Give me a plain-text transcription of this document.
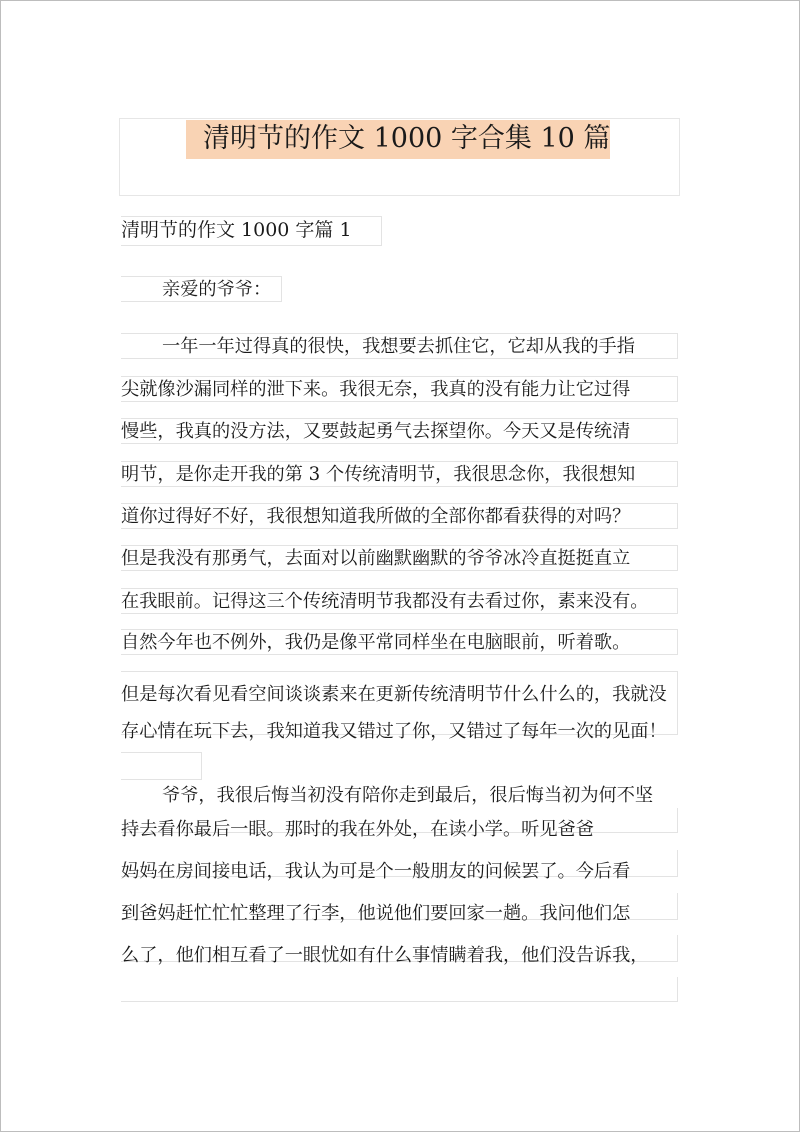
清明节的作文 1000 字合集 10 篇
清明节的作文 1000 字篇 1
亲爱的爷爷：
一年一年过得真的很快，我想要去抓住它，它却从我的手指
尖就像沙漏同样的泄下来。我很无奈，我真的没有能力让它过得
慢些，我真的没方法，又要鼓起勇气去探望你。今天又是传统清
明节，是你走开我的第 3 个传统清明节，我很思念你，我很想知
道你过得好不好，我很想知道我所做的全部你都看获得的对吗？
但是我没有那勇气，去面对以前幽默幽默的爷爷冰冷直挺挺直立
在我眼前。记得这三个传统清明节我都没有去看过你，素来没有。
自然今年也不例外，我仍是像平常同样坐在电脑眼前，听着歌。
但是每次看见看空间谈谈素来在更新传统清明节什么什么的，我就没
存心情在玩下去，我知道我又错过了你，又错过了每年一次的见面！
爷爷，我很后悔当初没有陪你走到最后，很后悔当初为何不坚
持去看你最后一眼。那时的我在外处，在读小学。听见爸爸
妈妈在房间接电话，我认为可是个一般朋友的问候罢了。今后看
到爸妈赶忙忙忙整理了行李，他说他们要回家一趟。我问他们怎
么了，他们相互看了一眼忧如有什么事情瞒着我，他们没告诉我，
